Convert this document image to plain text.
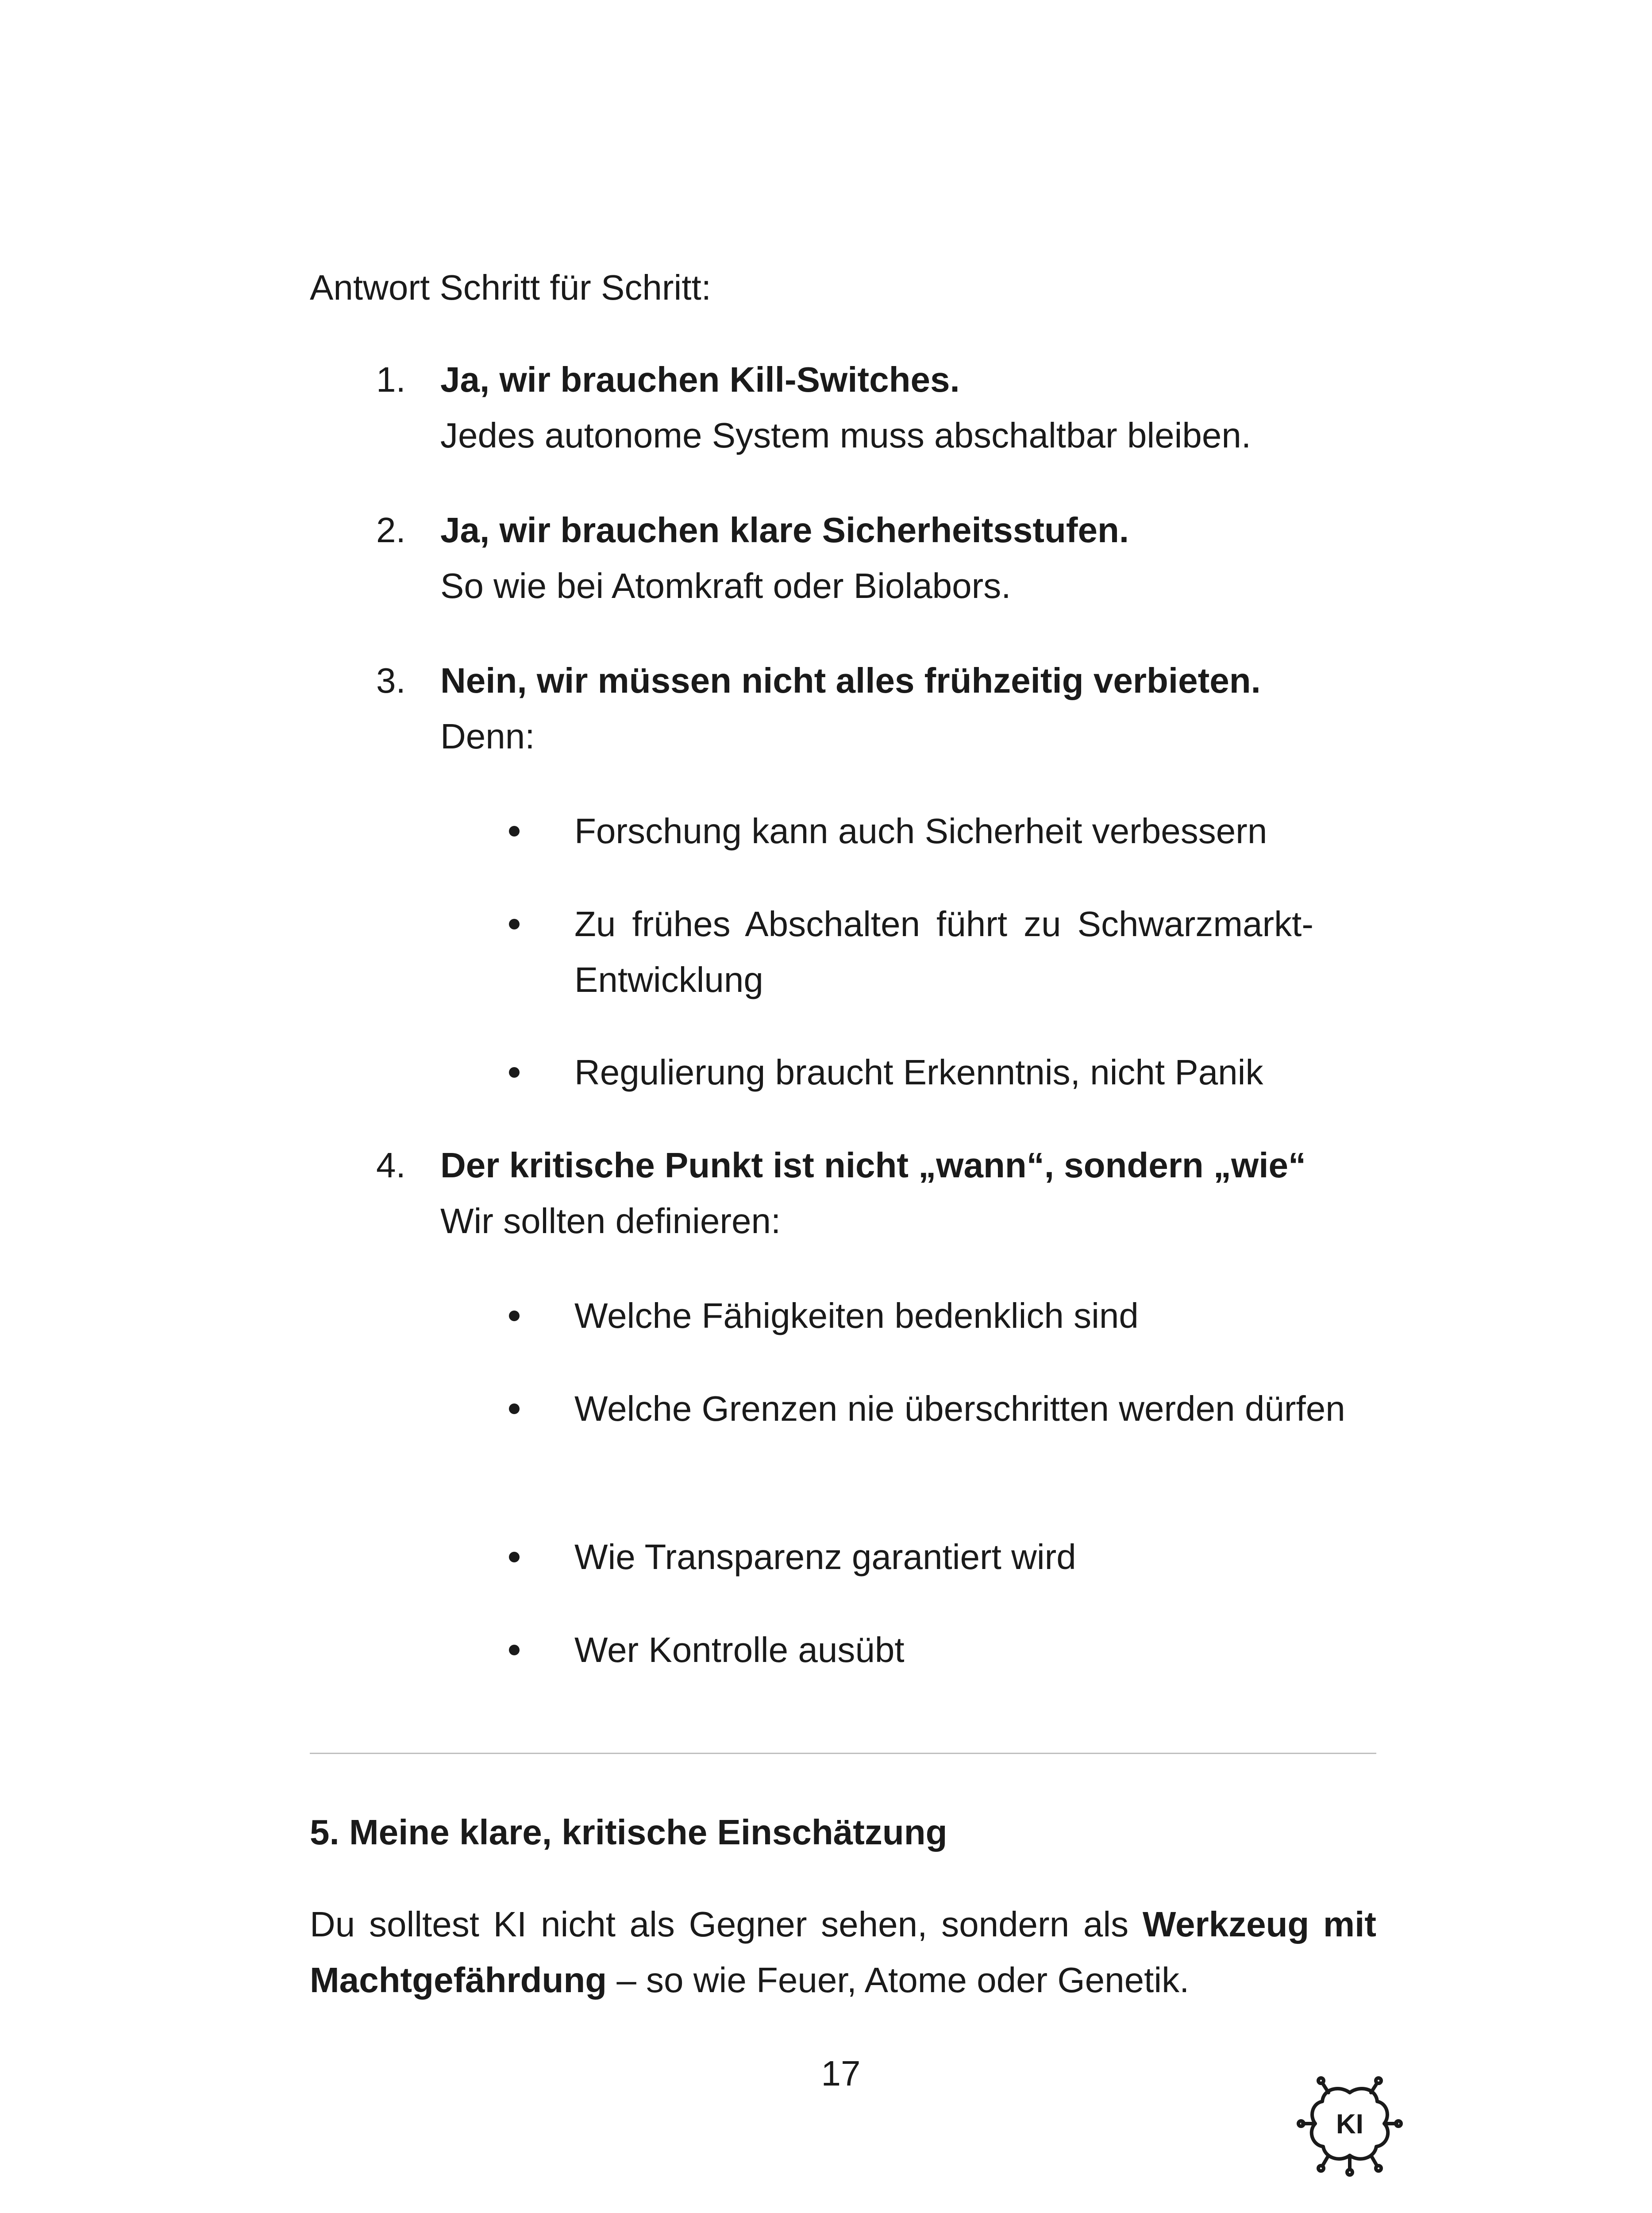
Antwort Schritt für Schritt:
1. Ja, wir brauchen Kill-Switches.
Jedes autonome System muss abschaltbar bleiben.
2. Ja, wir brauchen klare Sicherheitsstufen.
So wie bei Atomkraft oder Biolabors.
3. Nein, wir müssen nicht alles frühzeitig verbieten.
Denn:
Forschung kann auch Sicherheit verbessern
Zu frühes Abschalten führt zu Schwarzmarkt-Entwicklung
Regulierung braucht Erkenntnis, nicht Panik
4. Der kritische Punkt ist nicht „wann“, sondern „wie“
Wir sollten definieren:
Welche Fähigkeiten bedenklich sind
Welche Grenzen nie überschritten werden dürfen
Wie Transparenz garantiert wird
Wer Kontrolle ausübt
5. Meine klare, kritische Einschätzung
Du solltest KI nicht als Gegner sehen, sondern als Werkzeug mit Machtgefährdung – so wie Feuer, Atome oder Genetik.
17
KI
